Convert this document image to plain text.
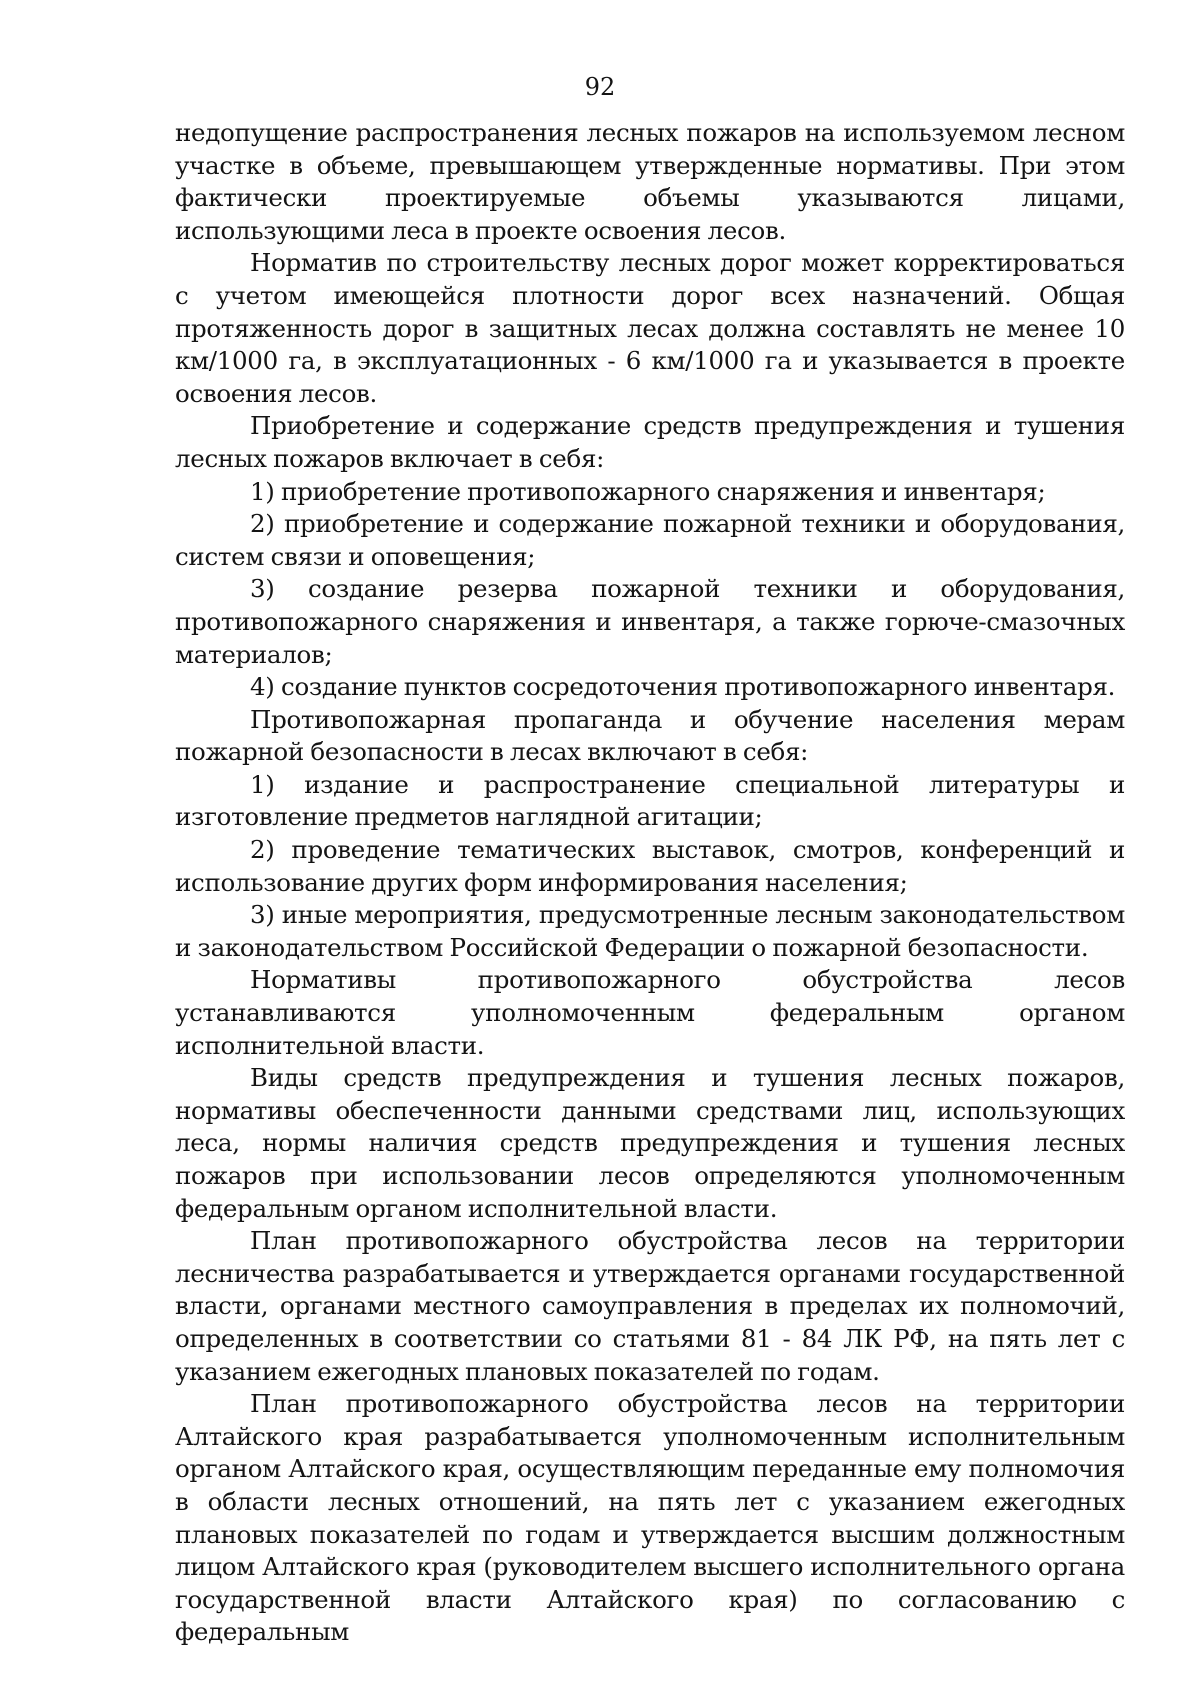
92

недопущение распространения лесных пожаров на используемом лесном участке в объеме, превышающем утвержденные нормативы. При этом фактически проектируемые объемы указываются лицами, использующими леса в проекте освоения лесов.

Норматив по строительству лесных дорог может корректироваться с учетом имеющейся плотности дорог всех назначений. Общая протяженность дорог в защитных лесах должна составлять не менее 10 км/1000 га, в эксплуатационных - 6 км/1000 га и указывается в проекте освоения лесов.

Приобретение и содержание средств предупреждения и тушения лесных пожаров включает в себя:

1) приобретение противопожарного снаряжения и инвентаря;

2) приобретение и содержание пожарной техники и оборудования, систем связи и оповещения;

3) создание резерва пожарной техники и оборудования, противопожарного снаряжения и инвентаря, а также горюче-смазочных материалов;

4) создание пунктов сосредоточения противопожарного инвентаря.

Противопожарная пропаганда и обучение населения мерам пожарной безопасности в лесах включают в себя:

1) издание и распространение специальной литературы и изготовление предметов наглядной агитации;

2) проведение тематических выставок, смотров, конференций и использование других форм информирования населения;

3) иные мероприятия, предусмотренные лесным законодательством и законодательством Российской Федерации о пожарной безопасности.

Нормативы противопожарного обустройства лесов устанавливаются уполномоченным федеральным органом исполнительной власти.

Виды средств предупреждения и тушения лесных пожаров, нормативы обеспеченности данными средствами лиц, использующих леса, нормы наличия средств предупреждения и тушения лесных пожаров при использовании лесов определяются уполномоченным федеральным органом исполнительной власти.

План противопожарного обустройства лесов на территории лесничества разрабатывается и утверждается органами государственной власти, органами местного самоуправления в пределах их полномочий, определенных в соответствии со статьями 81 - 84 ЛК РФ, на пять лет с указанием ежегодных плановых показателей по годам.

План противопожарного обустройства лесов на территории Алтайского края разрабатывается уполномоченным исполнительным органом Алтайского края, осуществляющим переданные ему полномочия в области лесных отношений, на пять лет с указанием ежегодных плановых показателей по годам и утверждается высшим должностным лицом Алтайского края (руководителем высшего исполнительного органа государственной власти Алтайского края) по согласованию с федеральным
